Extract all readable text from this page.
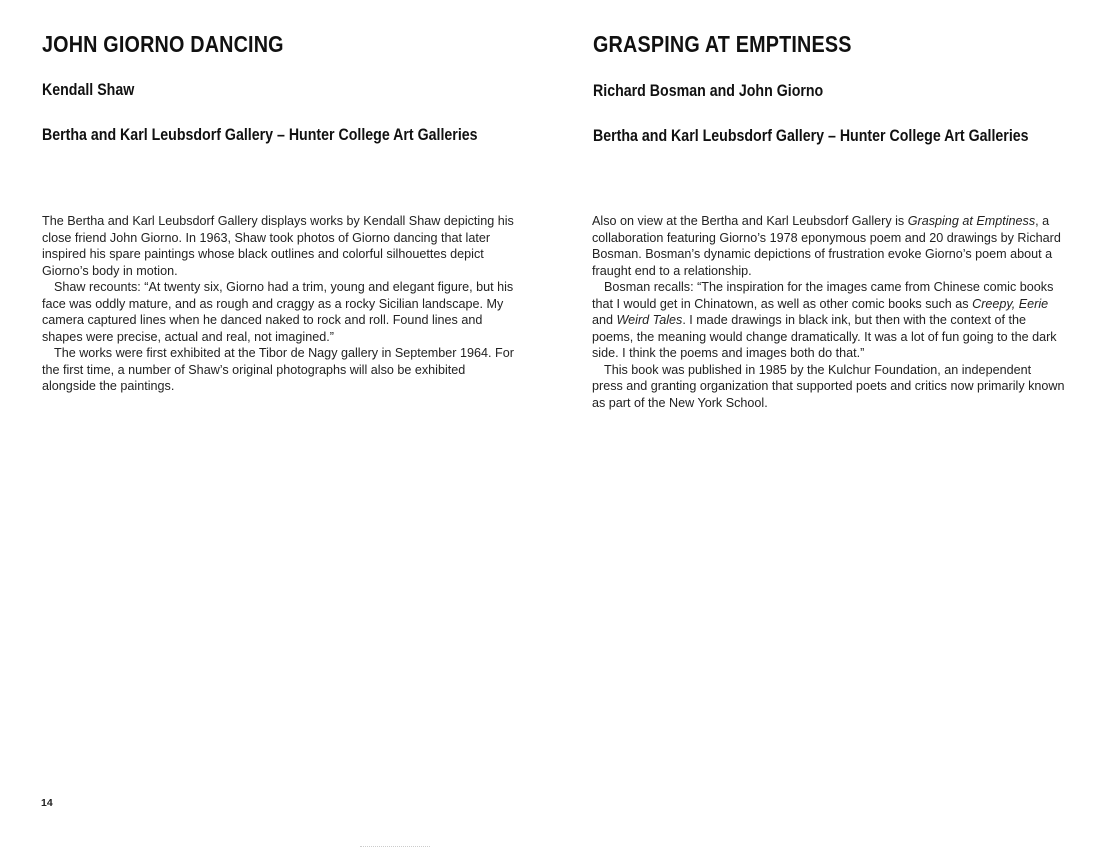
JOHN GIORNO DANCING
Kendall Shaw
Bertha and Karl Leubsdorf Gallery – Hunter College Art Galleries

The Bertha and Karl Leubsdorf Gallery displays works by Kendall Shaw depicting his close friend John Giorno. In 1963, Shaw took photos of Giorno dancing that later inspired his spare paintings whose black outlines and colorful silhouettes depict Giorno’s body in motion.

Shaw recounts: “At twenty six, Giorno had a trim, young and elegant figure, but his face was oddly mature, and as rough and craggy as a rocky Sicilian landscape. My camera captured lines when he danced naked to rock and roll. Found lines and shapes were precise, actual and real, not imagined.”

The works were first exhibited at the Tibor de Nagy gallery in September 1964. For the first time, a number of Shaw’s original photographs will also be exhibited alongside the paintings.

14
GRASPING AT EMPTINESS
Richard Bosman and John Giorno
Bertha and Karl Leubsdorf Gallery – Hunter College Art Galleries

Also on view at the Bertha and Karl Leubsdorf Gallery is Grasping at Emptiness, a collaboration featuring Giorno’s 1978 eponymous poem and 20 drawings by Richard Bosman. Bosman’s dynamic depictions of frustration evoke Giorno’s poem about a fraught end to a relationship.

Bosman recalls: “The inspiration for the images came from Chinese comic books that I would get in Chinatown, as well as other comic books such as Creepy, Eerie and Weird Tales. I made drawings in black ink, but then with the context of the poems, the meaning would change dramatically. It was a lot of fun going to the dark side. I think the poems and images both do that.”

This book was published in 1985 by the Kulchur Foundation, an independent press and granting organization that supported poets and critics now primarily known as part of the New York School.
